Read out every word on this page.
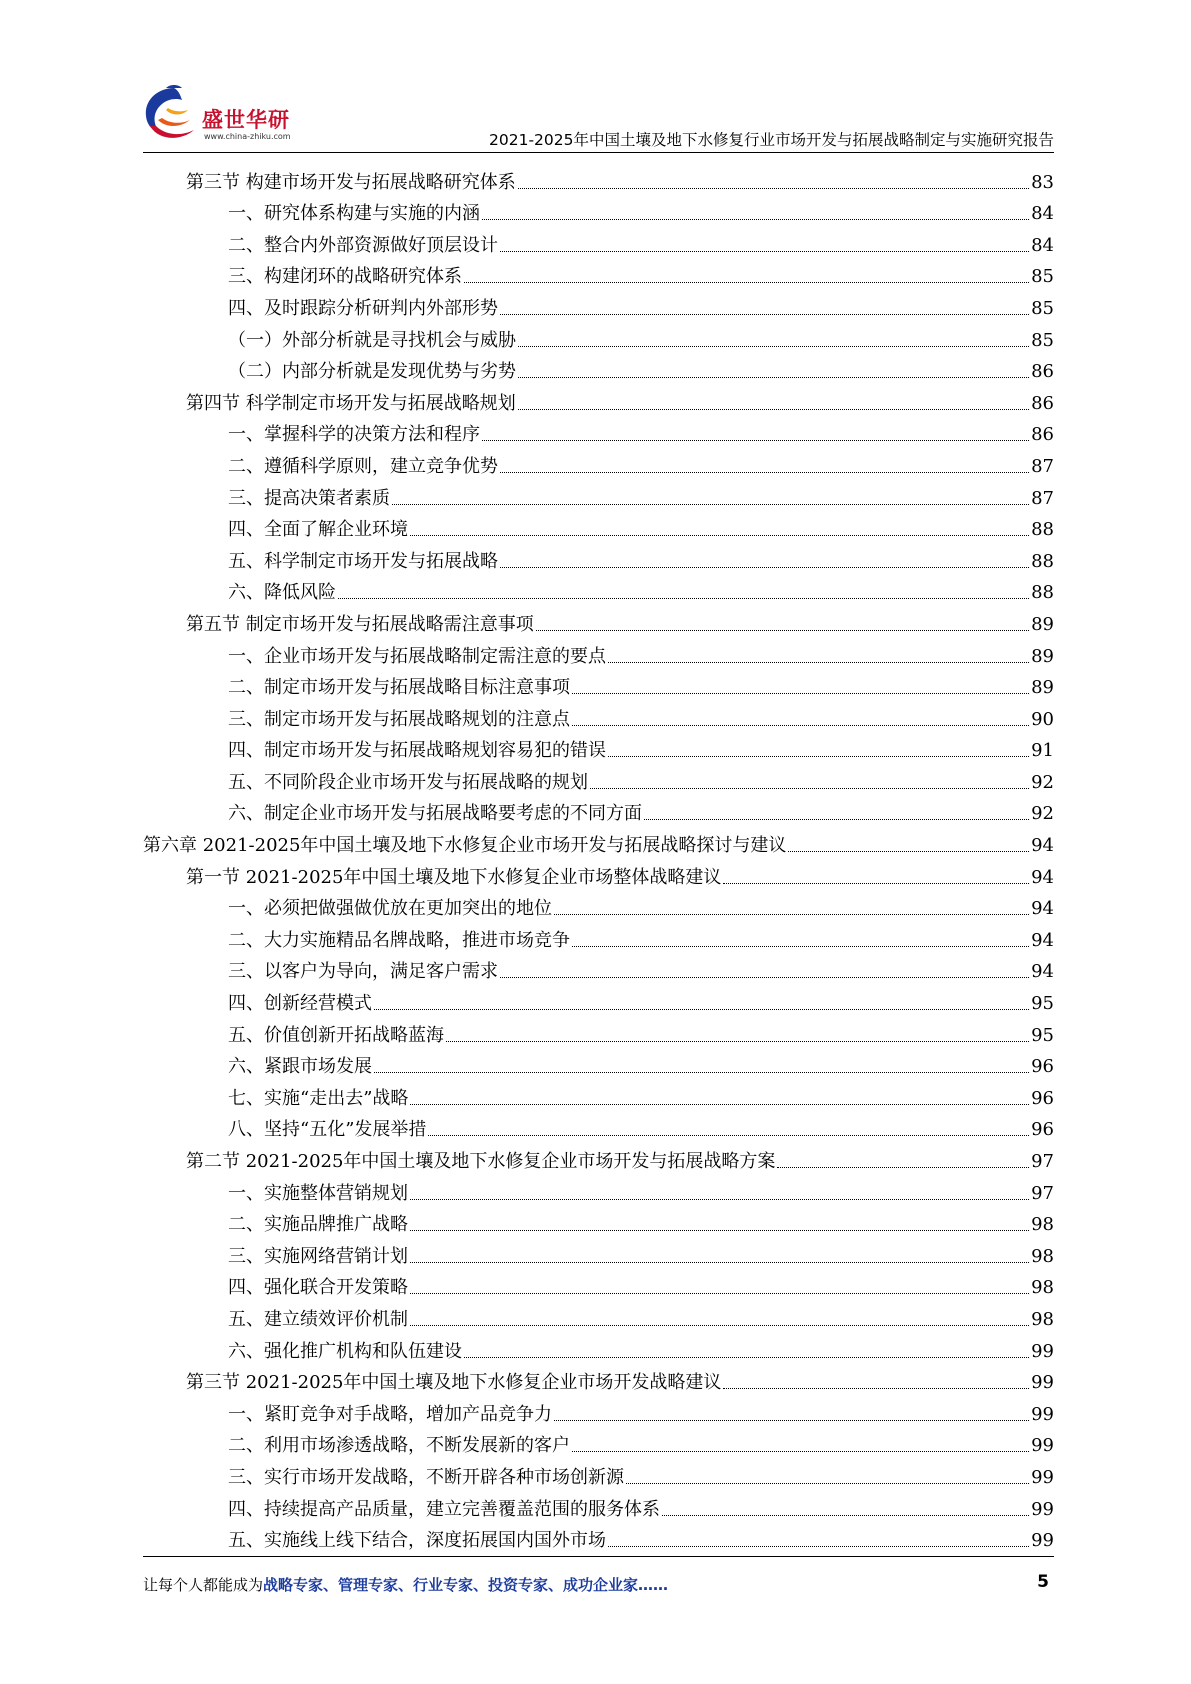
盛世华研
www.china-zhiku.com	2021-2025年中国土壤及地下水修复行业市场开发与拓展战略制定与实施研究报告
第三节 构建市场开发与拓展战略研究体系	83
一、研究体系构建与实施的内涵	84
二、整合内外部资源做好顶层设计	84
三、构建闭环的战略研究体系	85
四、及时跟踪分析研判内外部形势	85
（一）外部分析就是寻找机会与威胁	85
（二）内部分析就是发现优势与劣势	86
第四节 科学制定市场开发与拓展战略规划	86
一、掌握科学的决策方法和程序	86
二、遵循科学原则，建立竞争优势	87
三、提高决策者素质	87
四、全面了解企业环境	88
五、科学制定市场开发与拓展战略	88
六、降低风险	88
第五节 制定市场开发与拓展战略需注意事项	89
一、企业市场开发与拓展战略制定需注意的要点	89
二、制定市场开发与拓展战略目标注意事项	89
三、制定市场开发与拓展战略规划的注意点	90
四、制定市场开发与拓展战略规划容易犯的错误	91
五、不同阶段企业市场开发与拓展战略的规划	92
六、制定企业市场开发与拓展战略要考虑的不同方面	92
第六章 2021-2025年中国土壤及地下水修复企业市场开发与拓展战略探讨与建议	94
第一节 2021-2025年中国土壤及地下水修复企业市场整体战略建议	94
一、必须把做强做优放在更加突出的地位	94
二、大力实施精品名牌战略，推进市场竞争	94
三、以客户为导向，满足客户需求	94
四、创新经营模式	95
五、价值创新开拓战略蓝海	95
六、紧跟市场发展	96
七、实施“走出去”战略	96
八、坚持“五化”发展举措	96
第二节 2021-2025年中国土壤及地下水修复企业市场开发与拓展战略方案	97
一、实施整体营销规划	97
二、实施品牌推广战略	98
三、实施网络营销计划	98
四、强化联合开发策略	98
五、建立绩效评价机制	98
六、强化推广机构和队伍建设	99
第三节 2021-2025年中国土壤及地下水修复企业市场开发战略建议	99
一、紧盯竞争对手战略，增加产品竞争力	99
二、利用市场渗透战略，不断发展新的客户	99
三、实行市场开发战略，不断开辟各种市场创新源	99
四、持续提高产品质量，建立完善覆盖范围的服务体系	99
五、实施线上线下结合，深度拓展国内国外市场	99
让每个人都能成为战略专家、管理专家、行业专家、投资专家、成功企业家……	5
